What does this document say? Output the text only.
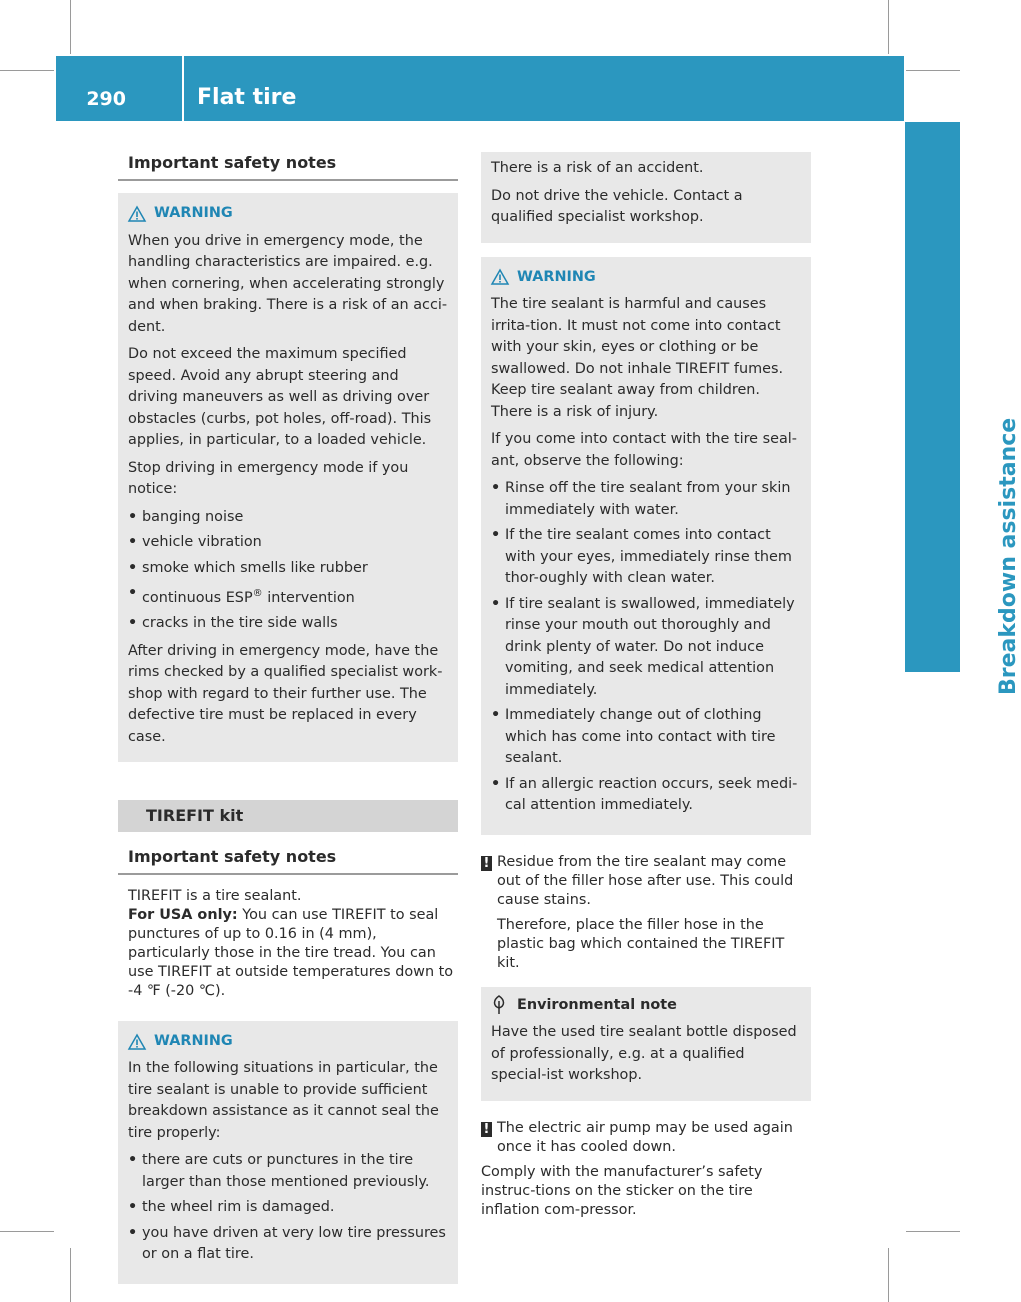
290	Flat tire
Breakdown assistance
Important safety notes
WARNING

When you drive in emergency mode, the handling characteristics are impaired. e.g. when cornering, when accelerating strongly and when braking. There is a risk of an acci-dent.

Do not exceed the maximum specified speed. Avoid any abrupt steering and driving maneuvers as well as driving over obstacles (curbs, pot holes, off-road). This applies, in particular, to a loaded vehicle.

Stop driving in emergency mode if you notice:

• banging noise
• vehicle vibration
• smoke which smells like rubber
• continuous ESP® intervention
• cracks in the tire side walls

After driving in emergency mode, have the rims checked by a qualified specialist work-shop with regard to their further use. The defective tire must be replaced in every case.

TIREFIT kit
Important safety notes

TIREFIT is a tire sealant.

For USA only: You can use TIREFIT to seal punctures of up to 0.16 in (4 mm), particularly those in the tire tread. You can use TIREFIT at outside temperatures down to -4 ℉ (-20 ℃).

WARNING

In the following situations in particular, the tire sealant is unable to provide sufficient breakdown assistance as it cannot seal the tire properly:

• there are cuts or punctures in the tire larger than those mentioned previously.
• the wheel rim is damaged.
• you have driven at very low tire pressures or on a flat tire.

There is a risk of an accident.

Do not drive the vehicle. Contact a qualified specialist workshop.

WARNING

The tire sealant is harmful and causes irrita-tion. It must not come into contact with your skin, eyes or clothing or be swallowed. Do not inhale TIREFIT fumes. Keep tire sealant away from children. There is a risk of injury.

If you come into contact with the tire seal-ant, observe the following:

• Rinse off the tire sealant from your skin immediately with water.
• If the tire sealant comes into contact with your eyes, immediately rinse them thor-oughly with clean water.
• If tire sealant is swallowed, immediately rinse your mouth out thoroughly and drink plenty of water. Do not induce vomiting, and seek medical attention immediately.
• Immediately change out of clothing which has come into contact with tire sealant.
• If an allergic reaction occurs, seek medi-cal attention immediately.
! Residue from the tire sealant may come out of the filler hose after use. This could cause stains.

Therefore, place the filler hose in the plastic bag which contained the TIREFIT kit.

Environmental note

Have the used tire sealant bottle disposed of professionally, e.g. at a qualified special-ist workshop.

! The electric air pump may be used again once it has cooled down.

Comply with the manufacturer’s safety instruc-tions on the sticker on the tire inflation com-pressor.
